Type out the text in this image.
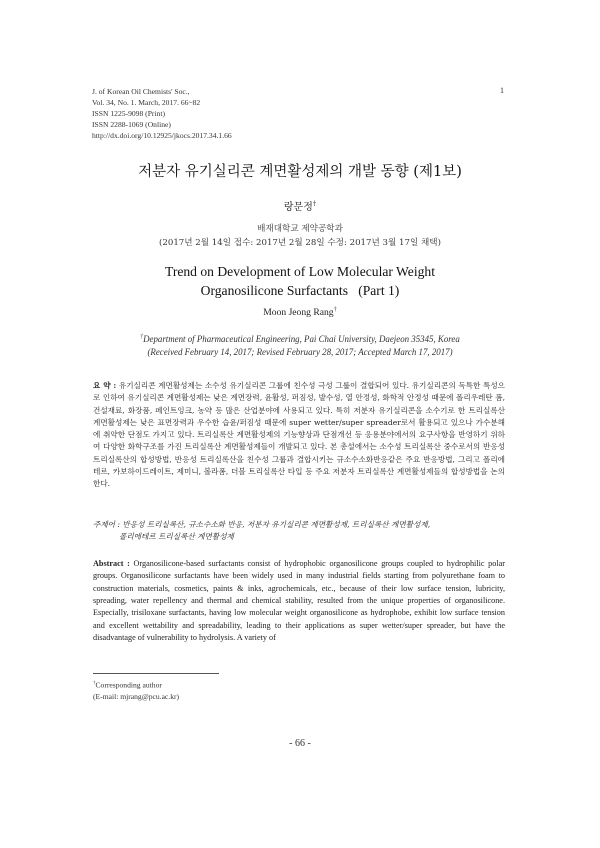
J. of Korean Oil Chemists' Soc.,
Vol. 34, No. 1. March, 2017. 66~82
ISSN 1225-9098 (Print)
ISSN 2288-1069 (Online)
http://dx.doi.org/10.12925/jkocs.2017.34.1.66
1
저분자 유기실리콘 계면활성제의 개발 동향 (제1보)
랑문정†
배재대학교 제약공학과
(2017년 2월 14일 접수: 2017년 2월 28일 수정: 2017년 3월 17일 채택)
Trend on Development of Low Molecular Weight
Organosilicone Surfactants   (Part 1)
Moon Jeong Rang†
†Department of Pharmaceutical Engineering, Pai Chai University, Daejeon 35345, Korea
(Received February 14, 2017; Revised February 28, 2017; Accepted March 17, 2017)
요 약 : 유기실리콘 계면활성제는 소수성 유기실리콘 그룹에 친수성 극성 그룹이 결합되어 있다. 유기실리콘의 독특한 특성으로 인하여 유기실리콘 계면활성제는 낮은 계면장력, 윤활성, 퍼짐성, 발수성, 열 안정성, 화학적 안정성 때문에 폴리우레탄 폼, 건설재료, 화장품, 페인트잉크, 농약 등 많은 산업분야에 사용되고 있다. 특히 저분자 유기실리콘을 소수기로 한 트리실록산 계면활성제는 낮은 표면장력과 우수한 습윤/퍼짐성 때문에 super wetter/super spreader로서 활용되고 있으나 가수분해에 취약한 단점도 가지고 있다. 트리실록산 계면활성제의 기능향상과 단점개선 등 응용분야에서의 요구사항을 반영하기 위하여 다양한 화학구조를 가진 트리실록산 계면활성제들이 개발되고 있다. 본 총설에서는 소수성 트리실록산 중수로서의 반응성 트리실록산의 합성방법, 반응성 트리실록산을 친수성 그룹과 결합시키는 규소수소화반응같은 주요 반응방법, 그리고 폴리에테르, 카보하이드레이트, 제미니, 볼라폼, 더블 트리실록산 타입 등 주요 저분자 트리실록산 계면활성제들의 합성방법을 논의한다.
주제어 : 반응성 트리실록산, 규소수소화 반응, 저분자 유기실리콘 계면활성제, 트리실록산 계면활성제,
폴리에테르 트리실록산 계면활성제
Abstract : Organosilicone-based surfactants consist of hydrophobic organosilicone groups coupled to hydrophilic polar groups. Organosilicone surfactants have been widely used in many industrial fields starting from polyurethane foam to construction materials, cosmetics, paints & inks, agrochemicals, etc., because of their low surface tension, lubricity, spreading, water repellency and thermal and chemical stability, resulted from the unique properties of organosilicone. Especially, trisiloxane surfactants, having low molecular weight organosilicone as hydrophobe, exhibit low surface tension and excellent wettability and spreadability, leading to their applications as super wetter/super spreader, but have the disadvantage of vulnerability to hydrolysis. A variety of
†Corresponding author
(E-mail: mjrang@pcu.ac.kr)
- 66 -
